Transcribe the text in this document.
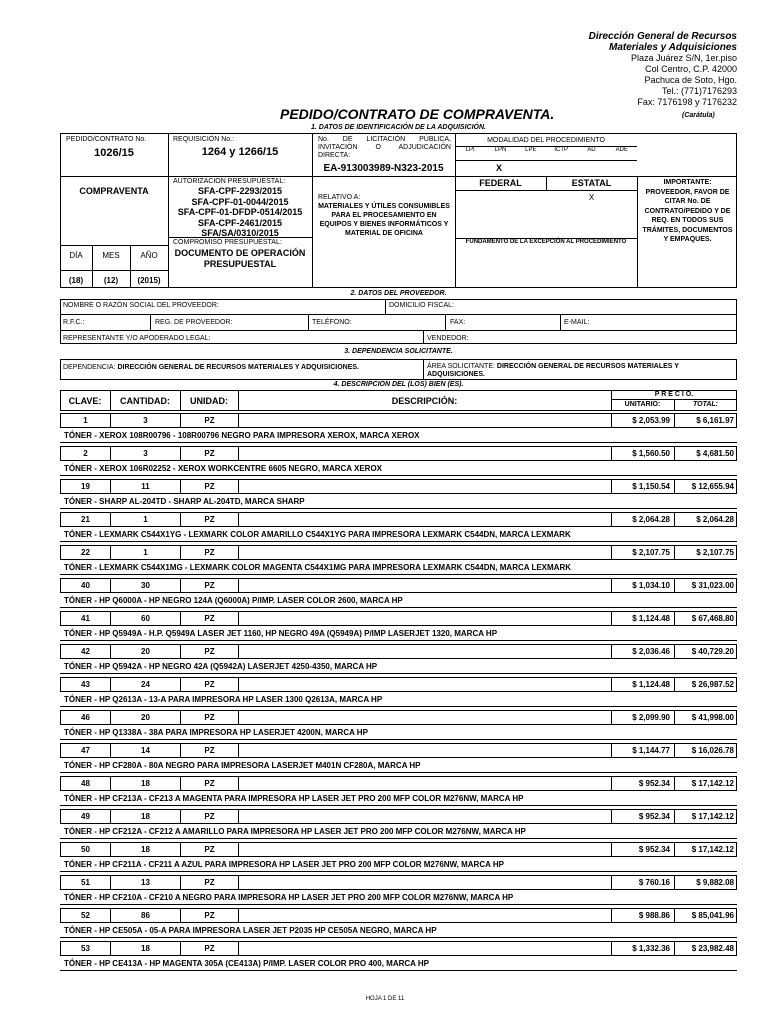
Dirección General de Recursos
Materiales y Adquisiciones
Plaza Juárez S/N, 1er.piso
Col Centro, C.P. 42000
Pachuca de Soto, Hgo.
Tel.: (771)7176293
Fax: 7176198 y 7176232
PEDIDO/CONTRATO DE COMPRAVENTA.	(Carátula)
1. DATOS DE IDENTIFICACIÓN DE LA ADQUISICIÓN.
PEDIDO/CONTRATO No.
1026/15
REQUISICIÓN No.:
1264 y 1266/15
No. DE LICITACIÓN PÚBLICA, INVITACIÓN O ADJUDICACIÓN DIRECTA:
EA-913003989-N323-2015
MODALIDAD DEL PROCEDIMIENTO
LPI	LPN	LPE	ICTP	AD	ADE
X
COMPRAVENTA
AUTORIZACIÓN PRESUPUESTAL:
SFA-CPF-2293/2015
SFA-CPF-01-0044/2015
SFA-CPF-01-DFDP-0514/2015
SFA-CPF-2461/2015
SFA/SA/0310/2015
COMPROMISO PRESUPUESTAL:
DOCUMENTO DE OPERACIÓN PRESUPUESTAL
RELATIVO A:
MATERIALES Y ÚTILES CONSUMIBLES PARA EL PROCESAMIENTO EN EQUIPOS Y BIENES INFORMÁTICOS Y MATERIAL DE OFICINA
FEDERAL	ESTATAL
X
FUNDAMENTO DE LA EXCEPCIÓN AL PROCEDIMIENTO
IMPORTANTE: PROVEEDOR, FAVOR DE CITAR No. DE CONTRATO/PEDIDO Y DE REQ. EN TODOS SUS TRÁMITES, DOCUMENTOS Y EMPAQUES.
DÍA	MES	AÑO
(18)	(12)	(2015)
2. DATOS DEL PROVEEDOR.
NOMBRE O RAZÓN SOCIAL DEL PROVEEDOR:	DOMICILIO FISCAL:
R.F.C.:	REG. DE PROVEEDOR:	TELÉFONO:	FAX:	E-MAIL:
REPRESENTANTE Y/O APODERADO LEGAL:	VENDEDOR:
3. DEPENDENCIA SOLICITANTE.
DEPENDENCIA: DIRECCIÓN GENERAL DE RECURSOS MATERIALES Y ADQUISICIONES.	ÁREA SOLICITANTE: DIRECCIÓN GENERAL DE RECURSOS MATERIALES Y ADQUISICIONES.
4. DESCRIPCIÓN DEL (LOS) BIEN (ES).
CLAVE:	CANTIDAD:	UNIDAD:	DESCRIPCIÓN:
P R E C I O.
UNITARIO:	TOTAL:
1	3	PZ	$ 2,053.99	$ 6,161.97
TÓNER - XEROX 108R00796 - 108R00796 NEGRO PARA IMPRESORA XEROX, MARCA XEROX
2	3	PZ	$ 1,560.50	$ 4,681.50
TÓNER - XEROX 106R02252 - XEROX WORKCENTRE 6605 NEGRO, MARCA XEROX
19	11	PZ	$ 1,150.54	$ 12,655.94
TÓNER - SHARP AL-204TD - SHARP AL-204TD, MARCA SHARP
21	1	PZ	$ 2,064.28	$ 2,064.28
TÓNER - LEXMARK C544X1YG - LEXMARK COLOR AMARILLO C544X1YG PARA IMPRESORA LEXMARK C544DN, MARCA LEXMARK
22	1	PZ	$ 2,107.75	$ 2,107.75
TÓNER - LEXMARK C544X1MG - LEXMARK COLOR MAGENTA C544X1MG PARA IMPRESORA LEXMARK C544DN, MARCA LEXMARK
40	30	PZ	$ 1,034.10	$ 31,023.00
TÓNER - HP Q6000A - HP NEGRO 124A (Q6000A) P/IMP. LASER COLOR 2600, MARCA HP
41	60	PZ	$ 1,124.48	$ 67,468.80
TÓNER - HP Q5949A - H.P. Q5949A LASER JET 1160, HP NEGRO 49A (Q5949A) P/IMP LASERJET 1320, MARCA HP
42	20	PZ	$ 2,036.46	$ 40,729.20
TÓNER - HP Q5942A - HP NEGRO 42A (Q5942A) LASERJET 4250-4350, MARCA HP
43	24	PZ	$ 1,124.48	$ 26,987.52
TÓNER - HP Q2613A - 13-A PARA IMPRESORA HP LASER 1300 Q2613A, MARCA HP
46	20	PZ	$ 2,099.90	$ 41,998.00
TÓNER - HP Q1338A - 38A PARA IMPRESORA HP LASERJET 4200N, MARCA HP
47	14	PZ	$ 1,144.77	$ 16,026.78
TÓNER - HP CF280A - 80A NEGRO PARA IMPRESORA LASERJET M401N CF280A, MARCA HP
48	18	PZ	$ 952.34	$ 17,142.12
TÓNER - HP CF213A - CF213 A MAGENTA PARA IMPRESORA HP LASER JET PRO 200 MFP COLOR M276NW, MARCA HP
49	18	PZ	$ 952.34	$ 17,142.12
TÓNER - HP CF212A - CF212 A AMARILLO PARA IMPRESORA HP LASER JET PRO 200 MFP COLOR M276NW, MARCA HP
50	18	PZ	$ 952.34	$ 17,142.12
TÓNER - HP CF211A - CF211 A AZUL PARA IMPRESORA HP LASER JET PRO 200 MFP COLOR M276NW, MARCA HP
51	13	PZ	$ 760.16	$ 9,882.08
TÓNER - HP CF210A - CF210 A NEGRO PARA IMPRESORA HP LASER JET PRO 200 MFP COLOR M276NW, MARCA HP
52	86	PZ	$ 988.86	$ 85,041.96
TÓNER - HP CE505A - 05-A PARA IMPRESORA LASER JET P2035 HP CE505A NEGRO, MARCA HP
53	18	PZ	$ 1,332.36	$ 23,982.48
TÓNER - HP CE413A - HP MAGENTA 305A (CE413A) P/IMP. LASER COLOR PRO 400, MARCA HP
HOJA 1 DE 11
